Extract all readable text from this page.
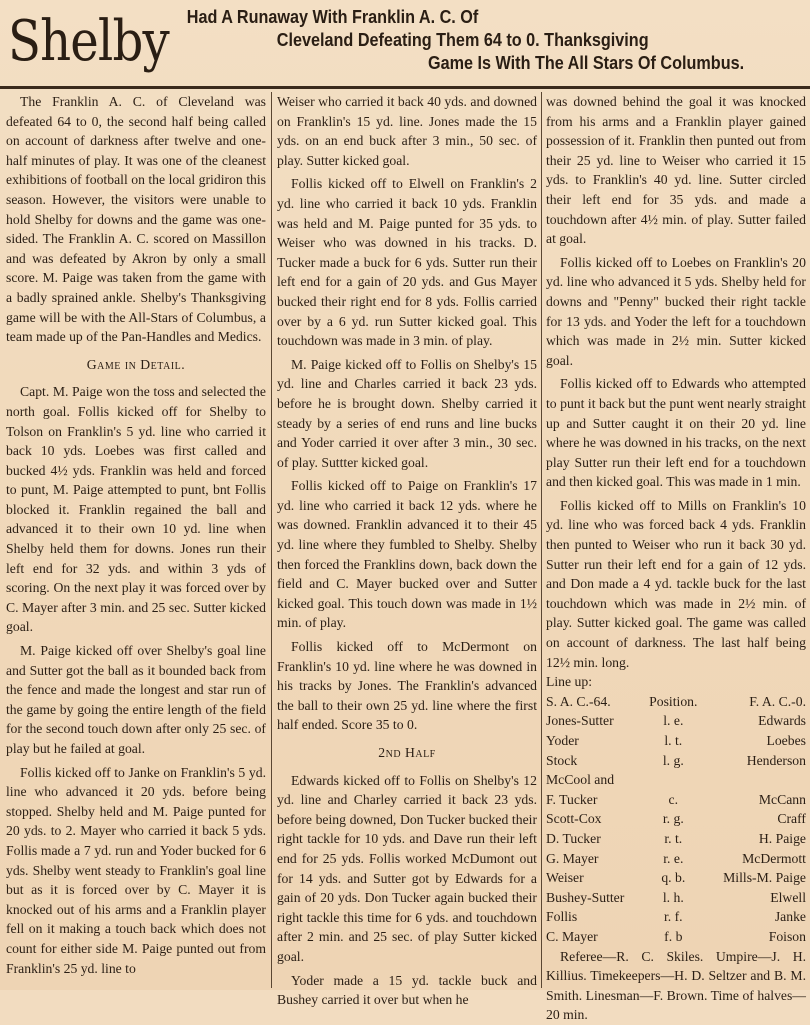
Shelby	Had A Runaway With Franklin A. C. Of
Cleveland Defeating Them 64 to 0. Thanksgiving
Game Is With The All Stars Of Columbus.

The Franklin A. C. of Cleveland was defeated 64 to 0, the second half being called on account of darkness after twelve and one-half minutes of play. It was one of the cleanest exhibitions of football on the local gridiron this season. However, the visitors were unable to hold Shelby for downs and the game was one-sided. The Franklin A. C. scored on Massillon and was defeated by Akron by only a small score. M. Paige was taken from the game with a badly sprained ankle. Shelby's Thanksgiving game will be with the All-Stars of Columbus, a team made up of the Pan-Handles and Medics.

Game in Detail.

Capt. M. Paige won the toss and selected the north goal. Follis kicked off for Shelby to Tolson on Franklin's 5 yd. line who carried it back 10 yds. Loebes was first called and bucked 4½ yds. Franklin was held and forced to punt, M. Paige attempted to punt, bnt Follis blocked it. Franklin regained the ball and advanced it to their own 10 yd. line when Shelby held them for downs. Jones run their left end for 32 yds. and within 3 yds of scoring. On the next play it was forced over by C. Mayer after 3 min. and 25 sec. Sutter kicked goal.

M. Paige kicked off over Shelby's goal line and Sutter got the ball as it bounded back from the fence and made the longest and star run of the game by going the entire length of the field for the second touch down after only 25 sec. of play but he failed at goal.

Follis kicked off to Janke on Franklin's 5 yd. line who advanced it 20 yds. before being stopped. Shelby held and M. Paige punted for 20 yds. to 2. Mayer who carried it back 5 yds. Follis made a 7 yd. run and Yoder bucked for 6 yds. Shelby went steady to Franklin's goal line but as it is forced over by C. Mayer it is knocked out of his arms and a Franklin player fell on it making a touch back which does not count for either side M. Paige punted out from Franklin's 25 yd. line to

Weiser who carried it back 40 yds. and downed on Franklin's 15 yd. line. Jones made the 15 yds. on an end buck after 3 min., 50 sec. of play. Sutter kicked goal.

Follis kicked off to Elwell on Franklin's 2 yd. line who carried it back 10 yds. Franklin was held and M. Paige punted for 35 yds. to Weiser who was downed in his tracks. D. Tucker made a buck for 6 yds. Sutter run their left end for a gain of 20 yds. and Gus Mayer bucked their right end for 8 yds. Follis carried over by a 6 yd. run Sutter kicked goal. This touchdown was made in 3 min. of play.

M. Paige kicked off to Follis on Shelby's 15 yd. line and Charles carried it back 23 yds. before he is brought down. Shelby carried it steady by a series of end runs and line bucks and Yoder carried it over after 3 min., 30 sec. of play. Suttter kicked goal.

Follis kicked off to Paige on Franklin's 17 yd. line who carried it back 12 yds. where he was downed. Franklin advanced it to their 45 yd. line where they fumbled to Shelby. Shelby then forced the Franklins down, back down the field and C. Mayer bucked over and Sutter kicked goal. This touch down was made in 1½ min. of play.

Follis kicked off to McDermont on Franklin's 10 yd. line where he was downed in his tracks by Jones. The Franklin's advanced the ball to their own 25 yd. line where the first half ended. Score 35 to 0.

2nd Half

Edwards kicked off to Follis on Shelby's 12 yd. line and Charley carried it back 23 yds. before being downed, Don Tucker bucked their right tackle for 10 yds. and Dave run their left end for 25 yds. Follis worked McDumont out for 14 yds. and Sutter got by Edwards for a gain of 20 yds. Don Tucker again bucked their right tackle this time for 6 yds. and touchdown after 2 min. and 25 sec. of play Sutter kicked goal.

Yoder made a 15 yd. tackle buck and Bushey carried it over but when he

was downed behind the goal it was knocked from his arms and a Franklin player gained possession of it. Franklin then punted out from their 25 yd. line to Weiser who carried it 15 yds. to Franklin's 40 yd. line. Sutter circled their left end for 35 yds. and made a touchdown after 4½ min. of play. Sutter failed at goal.

Follis kicked off to Loebes on Franklin's 20 yd. line who advanced it 5 yds. Shelby held for downs and "Penny" bucked their right tackle for 13 yds. and Yoder the left for a touchdown which was made in 2½ min. Sutter kicked goal.

Follis kicked off to Edwards who attempted to punt it back but the punt went nearly straight up and Sutter caught it on their 20 yd. line where he was downed in his tracks, on the next play Sutter run their left end for a touchdown and then kicked goal. This was made in 1 min.

Follis kicked off to Mills on Franklin's 10 yd. line who was forced back 4 yds. Franklin then punted to Weiser who run it back 30 yd. Sutter run their left end for a gain of 12 yds. and Don made a 4 yd. tackle buck for the last touchdown which was made in 2½ min. of play. Sutter kicked goal. The game was called on account of darkness. The last half being 12½ min. long.

Line up:

S. A. C.-64.	Position.	F. A. C.-0.
Jones-Sutter	l. e.	Edwards
Yoder	l. t.	Loebes
Stock	l. g.	Henderson
McCool and		
F. Tucker	c.	McCann
Scott-Cox	r. g.	Craff
D. Tucker	r. t.	H. Paige
G. Mayer	r. e.	McDermott
Weiser	q. b.	Mills-M. Paige
Bushey-Sutter	l. h.	Elwell
Follis	r. f.	Janke
C. Mayer	f. b	Foison

Referee—R. C. Skiles. Umpire—J. H. Killius. Timekeepers—H. D. Seltzer and B. M. Smith. Linesman—F. Brown. Time of halves—20 min.
